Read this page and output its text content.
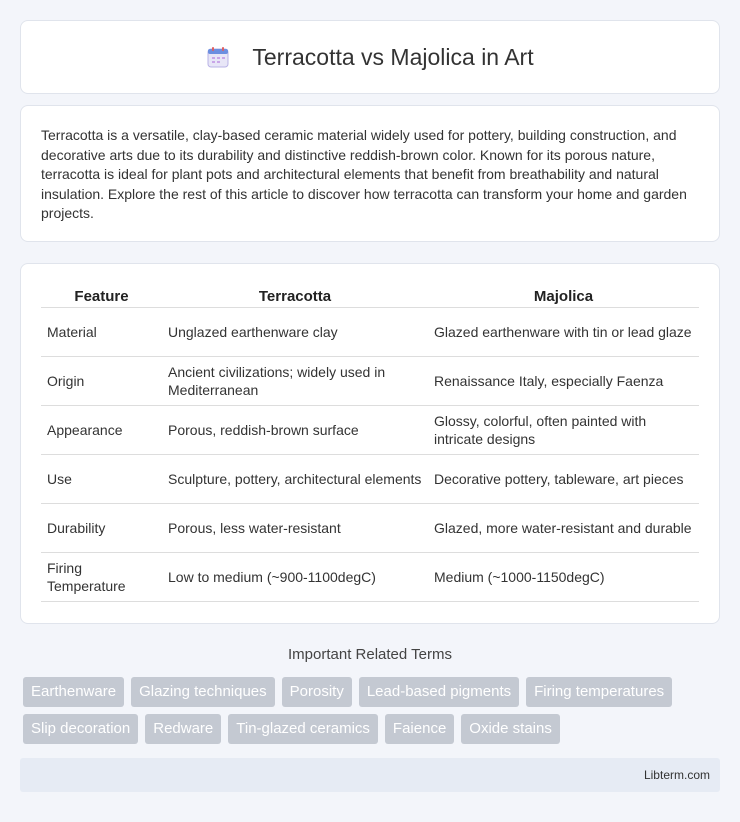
Terracotta vs Majolica in Art

Terracotta is a versatile, clay-based ceramic material widely used for pottery, building construction, and decorative arts due to its durability and distinctive reddish-brown color. Known for its porous nature, terracotta is ideal for plant pots and architectural elements that benefit from breathability and natural insulation. Explore the rest of this article to discover how terracotta can transform your home and garden projects.

Feature	Terracotta	Majolica
Material	Unglazed earthenware clay	Glazed earthenware with tin or lead glaze
Origin	Ancient civilizations; widely used in Mediterranean	Renaissance Italy, especially Faenza
Appearance	Porous, reddish-brown surface	Glossy, colorful, often painted with intricate designs
Use	Sculpture, pottery, architectural elements	Decorative pottery, tableware, art pieces
Durability	Porous, less water-resistant	Glazed, more water-resistant and durable
Firing Temperature	Low to medium (~900-1100degC)	Medium (~1000-1150degC)
Important Related Terms
Earthenware	Glazing techniques	Porosity	Lead-based pigments	Firing temperatures
Slip decoration	Redware	Tin-glazed ceramics	Faience	Oxide stains
Libterm.com
